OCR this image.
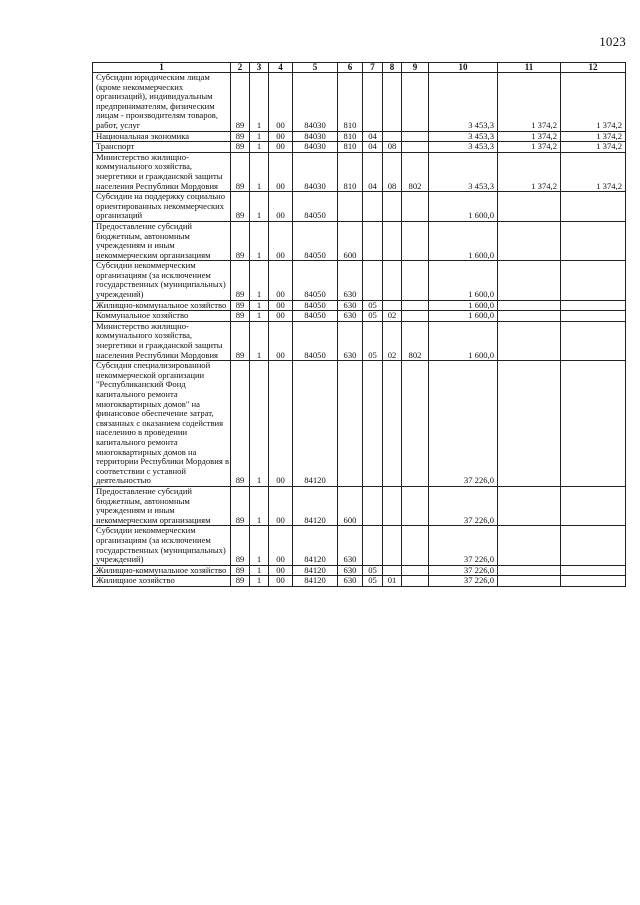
1023
1	2	3	4	5	6	7	8	9	10	11	12
Субсидии юридическим лицам (кроме некоммерческих организаций), индивидуальным предпринимателям, физическим лицам - производителям товаров, работ, услуг	89	1	00	84030	810				3 453,3	1 374,2	1 374,2
Национальная экономика	89	1	00	84030	810	04			3 453,3	1 374,2	1 374,2
Транспорт	89	1	00	84030	810	04	08		3 453,3	1 374,2	1 374,2
Министерство жилищно-коммунального хозяйства, энергетики и гражданской защиты населения Республики Мордовия	89	1	00	84030	810	04	08	802	3 453,3	1 374,2	1 374,2
Субсидии на поддержку социально ориентированных некоммерческих организаций	89	1	00	84050					1 600,0		
Предоставление субсидий бюджетным, автономным учреждениям и иным некоммерческим организациям	89	1	00	84050	600				1 600,0		
Субсидии некоммерческим организациям (за исключением государственных (муниципальных) учреждений)	89	1	00	84050	630				1 600,0		
Жилищно-коммунальное хозяйство	89	1	00	84050	630	05			1 600,0		
Коммунальное хозяйство	89	1	00	84050	630	05	02		1 600,0		
Министерство жилищно-коммунального хозяйства, энергетики и гражданской защиты населения Республики Мордовия	89	1	00	84050	630	05	02	802	1 600,0		
Субсидия специализированной некоммерческой организации "Республиканский Фонд капитального ремонта многоквартирных домов" на финансовое обеспечение затрат, связанных с оказанием содействия населению в проведении капитального ремонта многоквартирных домов на территории Республики Мордовия в соответствии с уставной деятельностью	89	1	00	84120					37 226,0		
Предоставление субсидий бюджетным, автономным учреждениям и иным некоммерческим организациям	89	1	00	84120	600				37 226,0		
Субсидии некоммерческим организациям (за исключением государственных (муниципальных) учреждений)	89	1	00	84120	630				37 226,0		
Жилищно-коммунальное хозяйство	89	1	00	84120	630	05			37 226,0		
Жилищное хозяйство	89	1	00	84120	630	05	01		37 226,0		
